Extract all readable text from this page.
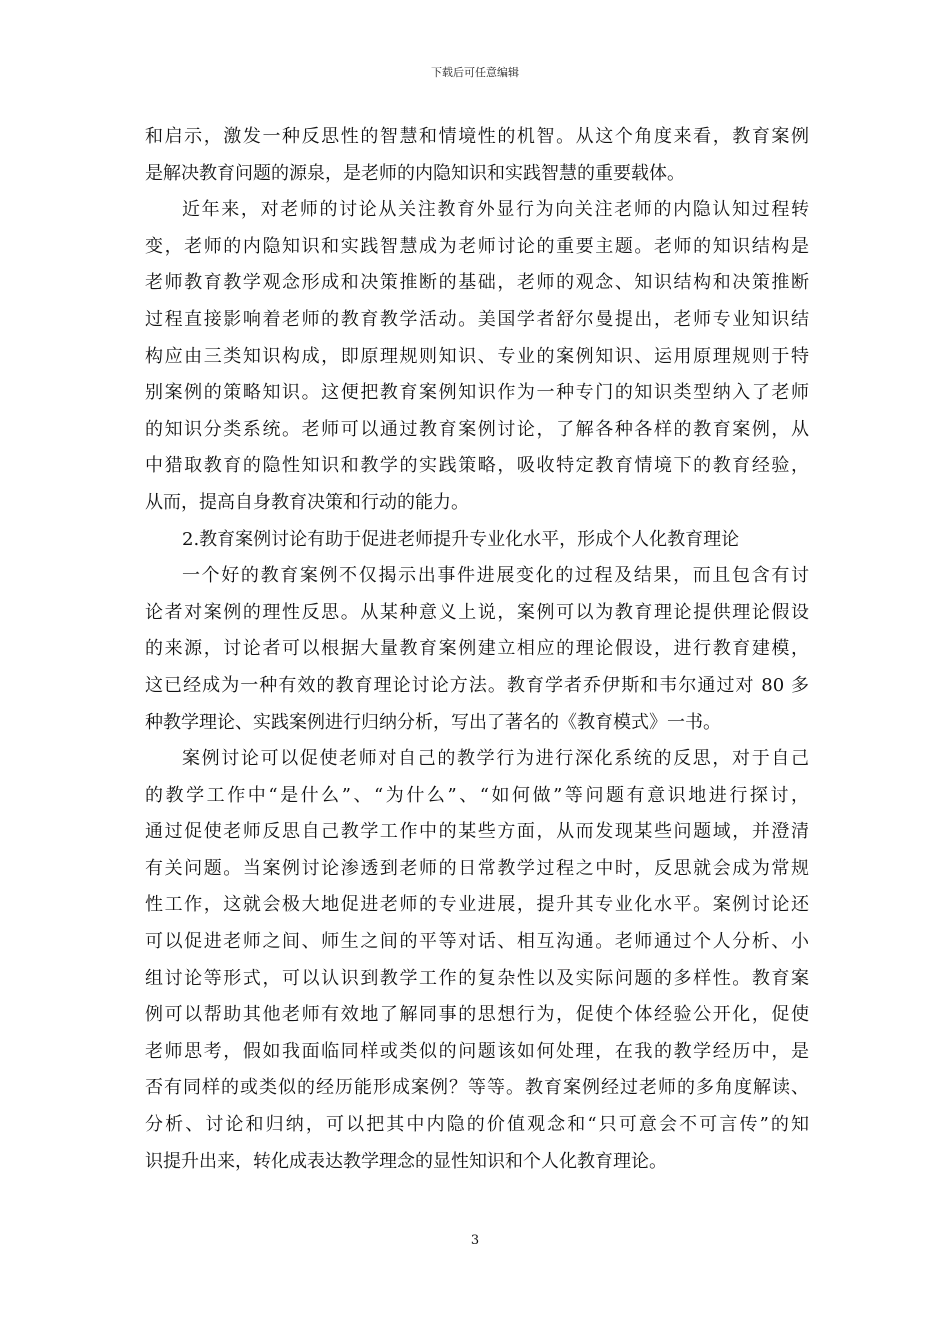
下载后可任意编辑
和启示，激发一种反思性的智慧和情境性的机智。从这个角度来看，教育案例
是解决教育问题的源泉，是老师的内隐知识和实践智慧的重要载体。
近年来，对老师的讨论从关注教育外显行为向关注老师的内隐认知过程转
变，老师的内隐知识和实践智慧成为老师讨论的重要主题。老师的知识结构是
老师教育教学观念形成和决策推断的基础，老师的观念、知识结构和决策推断
过程直接影响着老师的教育教学活动。美国学者舒尔曼提出，老师专业知识结
构应由三类知识构成，即原理规则知识、专业的案例知识、运用原理规则于特
别案例的策略知识。这便把教育案例知识作为一种专门的知识类型纳入了老师
的知识分类系统。老师可以通过教育案例讨论，了解各种各样的教育案例，从
中猎取教育的隐性知识和教学的实践策略，吸收特定教育情境下的教育经验，
从而，提高自身教育决策和行动的能力。
2.教育案例讨论有助于促进老师提升专业化水平，形成个人化教育理论
一个好的教育案例不仅揭示出事件进展变化的过程及结果，而且包含有讨
论者对案例的理性反思。从某种意义上说，案例可以为教育理论提供理论假设
的来源，讨论者可以根据大量教育案例建立相应的理论假设，进行教育建模，
这已经成为一种有效的教育理论讨论方法。教育学者乔伊斯和韦尔通过对 80 多
种教学理论、实践案例进行归纳分析，写出了著名的《教育模式》一书。
案例讨论可以促使老师对自己的教学行为进行深化系统的反思，对于自己
的教学工作中“是什么”、“为什么”、“如何做”等问题有意识地进行探讨，
通过促使老师反思自己教学工作中的某些方面，从而发现某些问题域，并澄清
有关问题。当案例讨论渗透到老师的日常教学过程之中时，反思就会成为常规
性工作，这就会极大地促进老师的专业进展，提升其专业化水平。案例讨论还
可以促进老师之间、师生之间的平等对话、相互沟通。老师通过个人分析、小
组讨论等形式，可以认识到教学工作的复杂性以及实际问题的多样性。教育案
例可以帮助其他老师有效地了解同事的思想行为，促使个体经验公开化，促使
老师思考，假如我面临同样或类似的问题该如何处理，在我的教学经历中，是
否有同样的或类似的经历能形成案例？等等。教育案例经过老师的多角度解读、
分析、讨论和归纳，可以把其中内隐的价值观念和“只可意会不可言传”的知
识提升出来，转化成表达教学理念的显性知识和个人化教育理论。
3
